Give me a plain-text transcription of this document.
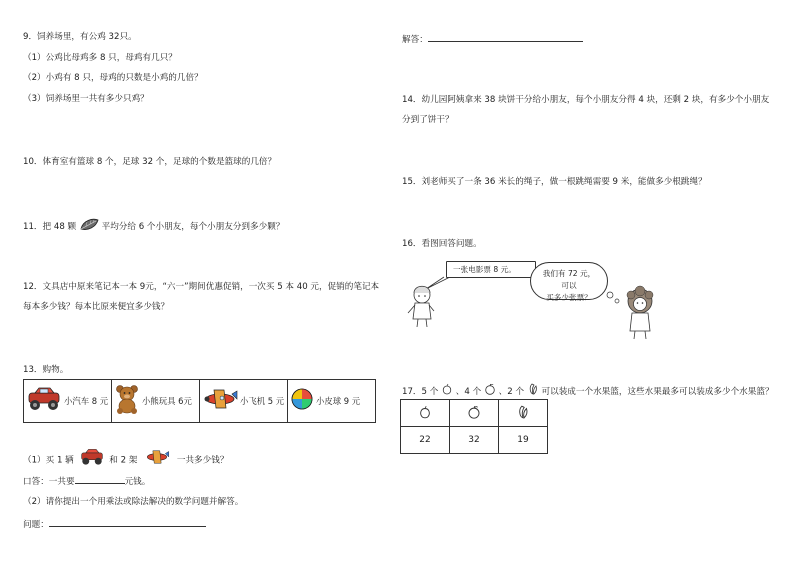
9．饲养场里，有公鸡 32只。
（1）公鸡比母鸡多 8 只，母鸡有几只？
（2）小鸡有 8 只，母鸡的只数是小鸡的几倍？
（3）饲养场里一共有多少只鸡？
10．体育室有篮球 8 个，足球 32 个，足球的个数是篮球的几倍？
11．把 48 颗	平均分给 6 个小朋友，每个小朋友分到多少颗？
12．文具店中原来笔记本一本 9元，“六一”期间优惠促销，一次买 5 本 40 元，促销的笔记本
每本多少钱？每本比原来便宜多少钱？
13．购物。
小汽车 8 元	小熊玩具 6元	小飞机 5 元	小皮球 9 元
（1）买 1 辆	和 2 架	一共多少钱？
口答：一共要	元钱。
（2）请你提出一个用乘法或除法解决的数学问题并解答。
问题：
解答：
14．幼儿园阿姨拿来 38 块饼干分给小朋友，每个小朋友分得 4 块，还剩 2 块，有多少个小朋友
分到了饼干？
15．刘老师买了一条 36 米长的绳子，做一根跳绳需要 9 米，能做多少根跳绳？
16．看图回答问题。
一张电影票 8 元。	我们有 72 元，可以
买多少张票？
17．5 个 、4 个 、2 个 可以装成一个水果篮，这些水果最多可以装成多少个水果篮？

22	32	19
